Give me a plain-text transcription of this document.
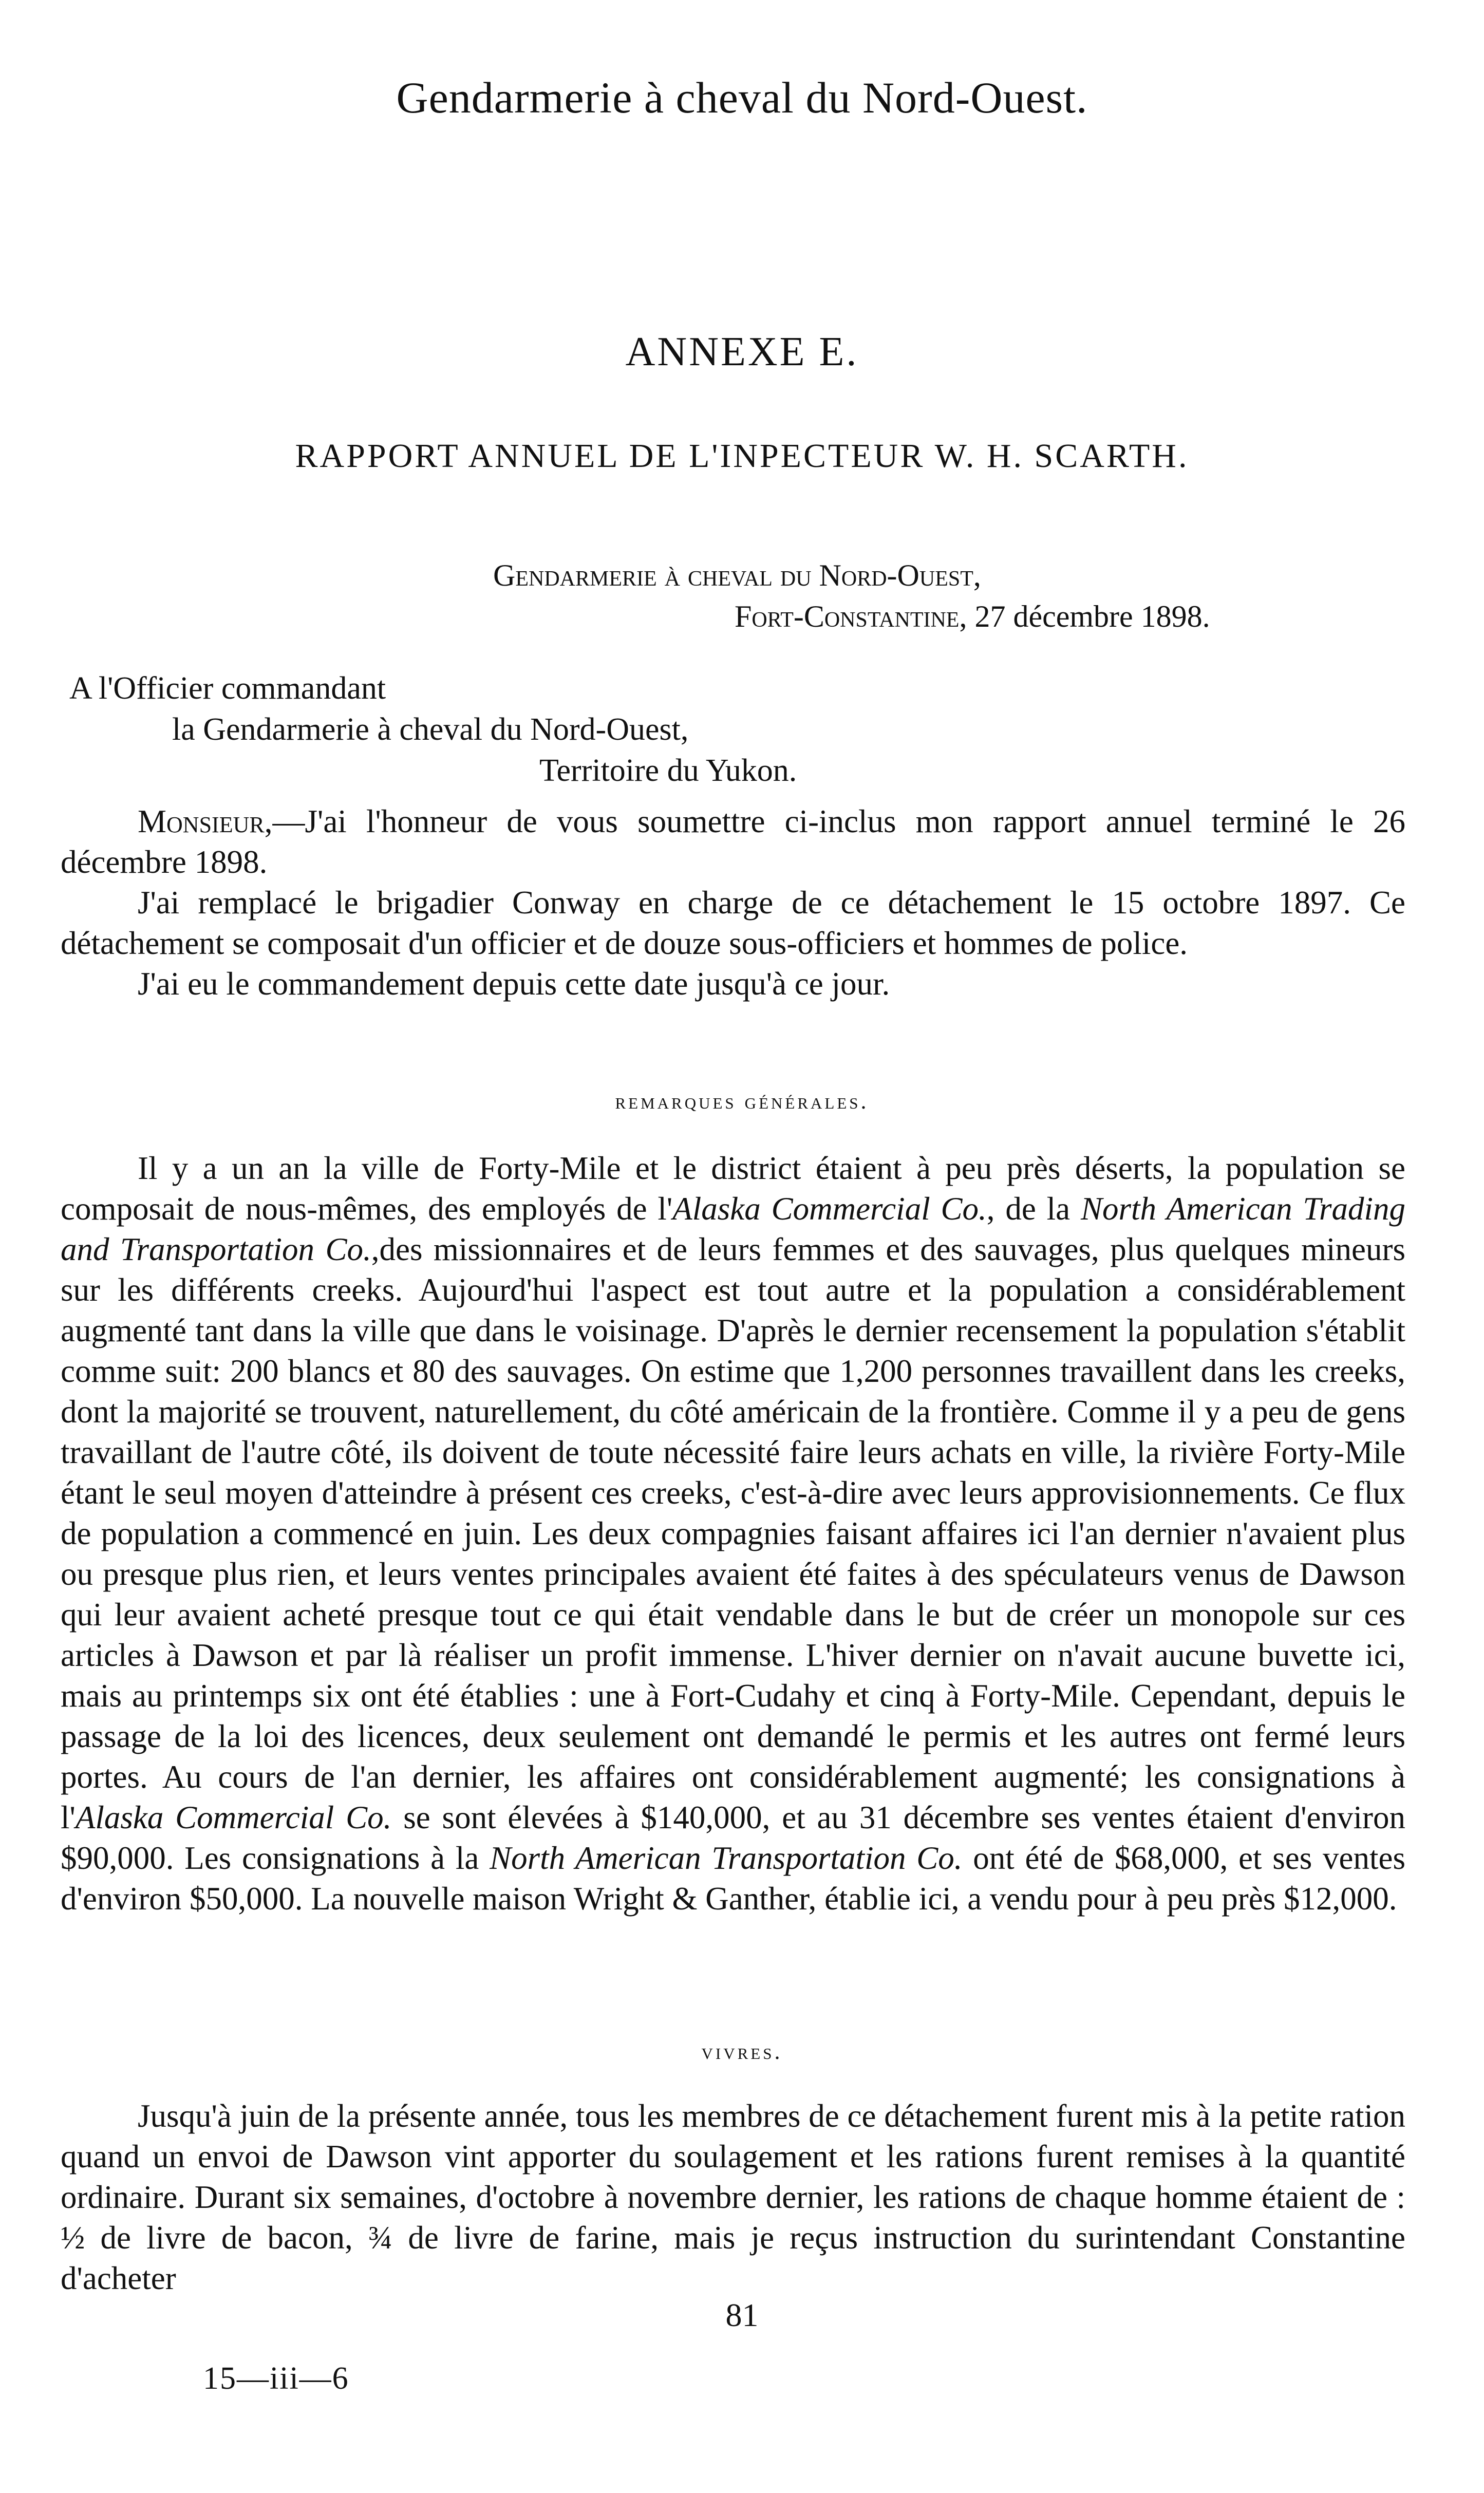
Gendarmerie à cheval du Nord-Ouest.
ANNEXE E.
RAPPORT ANNUEL DE L'INPECTEUR W. H. SCARTH.
Gendarmerie à cheval du Nord-Ouest,
Fort-Constantine, 27 décembre 1898.
A l'Officier commandant
la Gendarmerie à cheval du Nord-Ouest,
Territoire du Yukon.

Monsieur,—J'ai l'honneur de vous soumettre ci-inclus mon rapport annuel terminé le 26 décembre 1898.

J'ai remplacé le brigadier Conway en charge de ce détachement le 15 octobre 1897. Ce détachement se composait d'un officier et de douze sous-officiers et hommes de police.

J'ai eu le commandement depuis cette date jusqu'à ce jour.

remarques générales.

Il y a un an la ville de Forty-Mile et le district étaient à peu près déserts, la population se composait de nous-mêmes, des employés de l'Alaska Commercial Co., de la North American Trading and Transportation Co.,des missionnaires et de leurs femmes et des sauvages, plus quelques mineurs sur les différents creeks. Aujourd'hui l'aspect est tout autre et la population a considérablement augmenté tant dans la ville que dans le voisinage. D'après le dernier recensement la population s'établit comme suit: 200 blancs et 80 des sauvages. On estime que 1,200 personnes travaillent dans les creeks, dont la majorité se trouvent, naturellement, du côté américain de la frontière. Comme il y a peu de gens travaillant de l'autre côté, ils doivent de toute nécessité faire leurs achats en ville, la rivière Forty-Mile étant le seul moyen d'atteindre à présent ces creeks, c'est-à-dire avec leurs approvisionnements. Ce flux de population a commencé en juin. Les deux compagnies faisant affaires ici l'an dernier n'avaient plus ou presque plus rien, et leurs ventes principales avaient été faites à des spéculateurs venus de Dawson qui leur avaient acheté presque tout ce qui était vendable dans le but de créer un monopole sur ces articles à Dawson et par là réaliser un profit immense. L'hiver dernier on n'avait aucune buvette ici, mais au printemps six ont été établies : une à Fort-Cudahy et cinq à Forty-Mile. Cependant, depuis le passage de la loi des licences, deux seulement ont demandé le permis et les autres ont fermé leurs portes. Au cours de l'an dernier, les affaires ont considérablement augmenté; les consignations à l'Alaska Commercial Co. se sont élevées à $140,000, et au 31 décembre ses ventes étaient d'environ $90,000. Les consignations à la North American Transportation Co. ont été de $68,000, et ses ventes d'environ $50,000. La nouvelle maison Wright & Ganther, établie ici, a vendu pour à peu près $12,000.

vivres.

Jusqu'à juin de la présente année, tous les membres de ce détachement furent mis à la petite ration quand un envoi de Dawson vint apporter du soulagement et les rations furent remises à la quantité ordinaire. Durant six semaines, d'octobre à novembre dernier, les rations de chaque homme étaient de : ½ de livre de bacon, ¾ de livre de farine, mais je reçus instruction du surintendant Constantine d'acheter

81
15—iii—6
